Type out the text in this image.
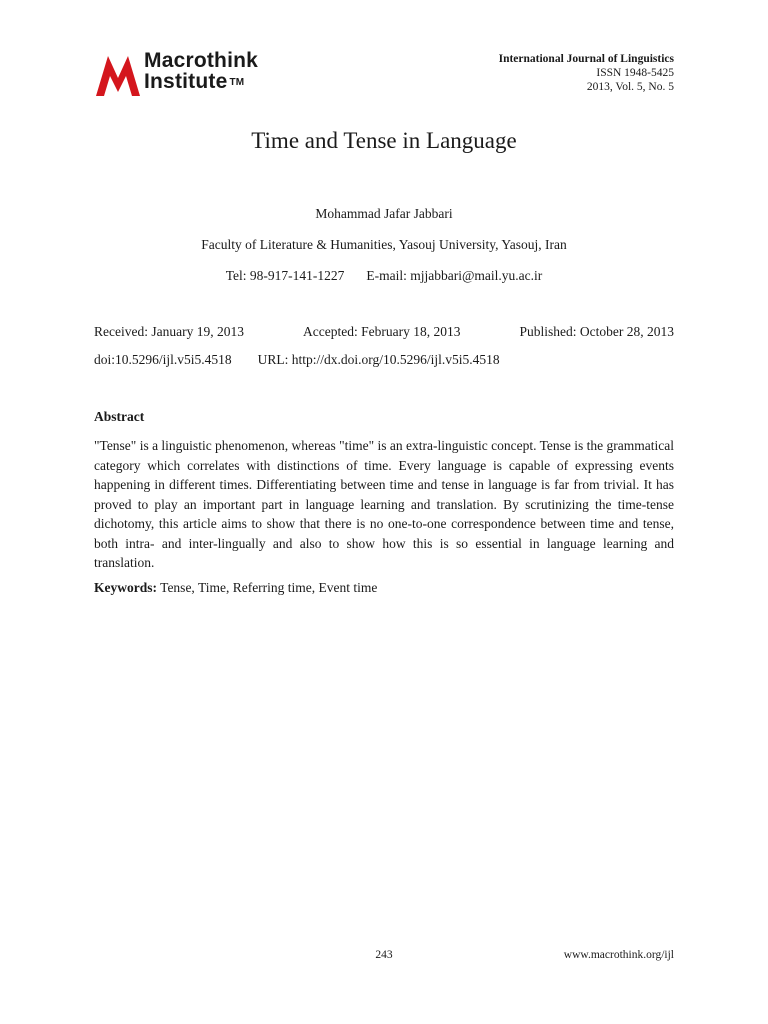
Macrothink
Institute ™
International Journal of Linguistics
ISSN 1948-5425
2013, Vol. 5, No. 5
Time and Tense in Language
Mohammad Jafar Jabbari
Faculty of Literature & Humanities, Yasouj University, Yasouj, Iran
Tel: 98-917-141-1227 E-mail: mjjabbari@mail.yu.ac.ir
Received: January 19, 2013	Accepted: February 18, 2013	Published: October 28, 2013
doi:10.5296/ijl.v5i5.4518 URL: http://dx.doi.org/10.5296/ijl.v5i5.4518
Abstract
"Tense" is a linguistic phenomenon, whereas "time" is an extra-linguistic concept. Tense is the grammatical category which correlates with distinctions of time. Every language is capable of expressing events happening in different times. Differentiating between time and tense in language is far from trivial. It has proved to play an important part in language learning and translation. By scrutinizing the time-tense dichotomy, this article aims to show that there is no one-to-one correspondence between time and tense, both intra- and inter-lingually and also to show how this is so essential in language learning and translation.
Keywords: Tense, Time, Referring time, Event time
243	www.macrothink.org/ijl
